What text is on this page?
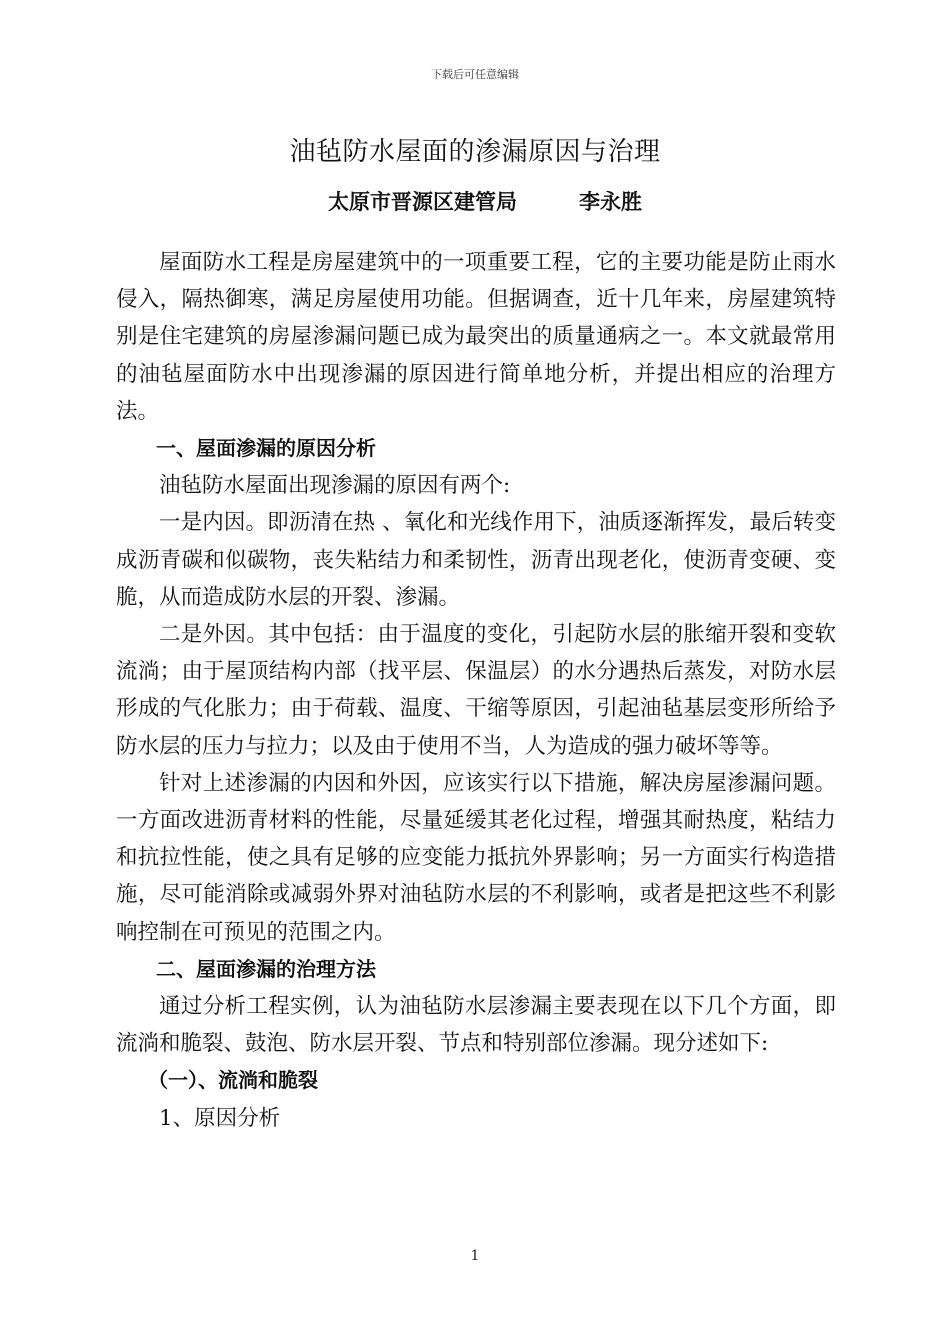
下载后可任意编辑
油毡防水屋面的渗漏原因与治理
太原市晋源区建管局	李永胜

屋面防水工程是房屋建筑中的一项重要工程，它的主要功能是防止雨水侵入，隔热御寒，满足房屋使用功能。但据调查，近十几年来，房屋建筑特别是住宅建筑的房屋渗漏问题已成为最突出的质量通病之一。本文就最常用的油毡屋面防水中出现渗漏的原因进行简单地分析，并提出相应的治理方法。

一、屋面渗漏的原因分析

油毡防水屋面出现渗漏的原因有两个:

一是内因。即沥清在热 、氧化和光线作用下，油质逐渐挥发，最后转变成沥青碳和似碳物，丧失粘结力和柔韧性，沥青出现老化，使沥青变硬、变脆，从而造成防水层的开裂、渗漏。

二是外因。其中包括：由于温度的变化，引起防水层的胀缩开裂和变软流淌；由于屋顶结构内部（找平层、保温层）的水分遇热后蒸发，对防水层形成的气化胀力；由于荷载、温度、干缩等原因，引起油毡基层变形所给予防水层的压力与拉力；以及由于使用不当，人为造成的强力破坏等等。

针对上述渗漏的内因和外因，应该实行以下措施，解决房屋渗漏问题。一方面改进沥青材料的性能，尽量延缓其老化过程，增强其耐热度，粘结力和抗拉性能，使之具有足够的应变能力抵抗外界影响；另一方面实行构造措施，尽可能消除或减弱外界对油毡防水层的不利影响，或者是把这些不利影响控制在可预见的范围之内。

二、屋面渗漏的治理方法

通过分析工程实例，认为油毡防水层渗漏主要表现在以下几个方面，即流淌和脆裂、鼓泡、防水层开裂、节点和特别部位渗漏。现分述如下:

（一）、流淌和脆裂

1、原因分析

1
